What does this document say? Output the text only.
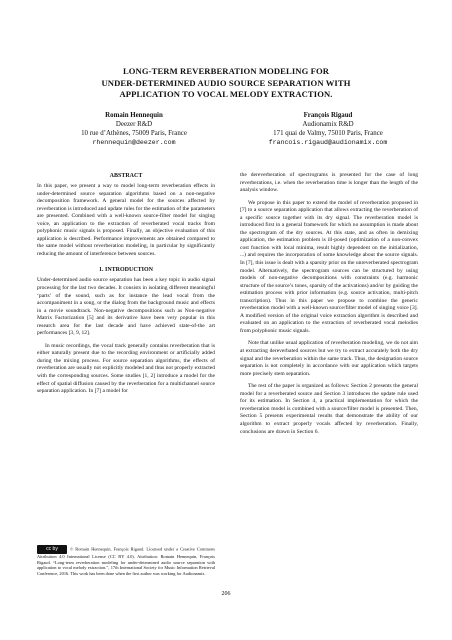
LONG-TERM REVERBERATION MODELING FOR
UNDER-DETERMINED AUDIO SOURCE SEPARATION WITH
APPLICATION TO VOCAL MELODY EXTRACTION.
Romain Hennequin
Deezer R&D
10 rue d’Athènes, 75009 Paris, France
rhennequin@deezer.com
François Rigaud
Audionamix R&D
171 quai de Valmy, 75010 Paris, France
francois.rigaud@audionamix.com
ABSTRACT

In this paper, we present a way to model long-term reverberation effects in under-determined source separation algorithms based on a non-negative decomposition framework. A general model for the sources affected by reverberation is introduced and update rules for the estimation of the parameters are presented. Combined with a well-known source-filter model for singing voice, an application to the extraction of reverberated vocal tracks from polyphonic music signals is proposed. Finally, an objective evaluation of this application is described. Performance improvements are obtained compared to the same model without reverberation modeling, in particular by significantly reducing the amount of interference between sources.

1. INTRODUCTION

Under-determined audio source separation has been a key topic in audio signal processing for the last two decades. It consists in isolating different meaningful ‘parts’ of the sound, such as for instance the lead vocal from the accompaniment in a song, or the dialog from the background music and effects in a movie soundtrack. Non-negative decompositions such as Non-negative Matrix Factorization [5] and its derivative have been very popular in this research area for the last decade and have achieved state-of-the art performances [3, 9, 12].

In music recordings, the vocal track generally contains reverberation that is either naturally present due to the recording environment or artificially added during the mixing process. For source separation algorithms, the effects of reverberation are usually not explicitly modeled and thus not properly extracted with the corresponding sources. Some studies [1, 2] introduce a model for the effect of spatial diffusion caused by the reverberation for a multichannel source separation application. In [7] a model for

the dereverberation of spectrograms is presented for the case of long reverberations, i.e. when the reverberation time is longer than the length of the analysis window.

We propose in this paper to extend the model of reverberation proposed in [7] to a source separation application that allows extracting the reverberation of a specific source together with its dry signal. The reverberation model is introduced first in a general framework for which no assumption is made about the spectrogram of the dry sources. At this state, and as often in demixing application, the estimation problem is ill-posed (optimization of a non-convex cost function with local minima, result highly dependent on the initialization, ...) and requires the incorporation of some knowledge about the source signals. In [7], this issue is dealt with a sparsity prior on the unreverberated spectrogram model. Alternatively, the spectrogram sources can be structured by using models of non-negative decompositions with constraints (e.g. harmonic structure of the source’s tones, sparsity of the activations) and/or by guiding the estimation process with prior information (e.g. source activation, multi-pitch transcription). Thus in this paper we propose to combine the generic reverberation model with a well-known source/filter model of singing voice [3]. A modified version of the original voice extraction algorithm is described and evaluated on an application to the extraction of reverberated vocal melodies from polyphonic music signals.

Note that unlike usual application of reverberation modeling, we do not aim at extracting dereverbated sources but we try to extract accurately both the dry signal and the reverberation within the same track. Thus, the designation source separation is not completely in accordance with our application which targets more precisely stem separation.

The rest of the paper is organized as follows: Section 2 presents the general model for a reverberated source and Section 3 introduces the update rule used for its estimation. In Section 4, a practical implementation for which the reverberation model is combined with a source/filter model is presented. Then, Section 5 presents experimental results that demonstrate the ability of our algorithm to extract properly vocals affected by reverberation. Finally, conclusions are drawn in Section 6.

cc by	© Romain Hennequin, François Rigaud. Licensed under a Creative Commons Attribution 4.0 International License (CC BY 4.0). Attribution: Romain Hennequin, François Rigaud. “Long-term reverberation modeling for under-determined audio source separation with application to vocal melody extraction.”, 17th International Society for Music Information Retrieval Conference, 2016. This work has been done when the first author was working for Audionamix.
206
